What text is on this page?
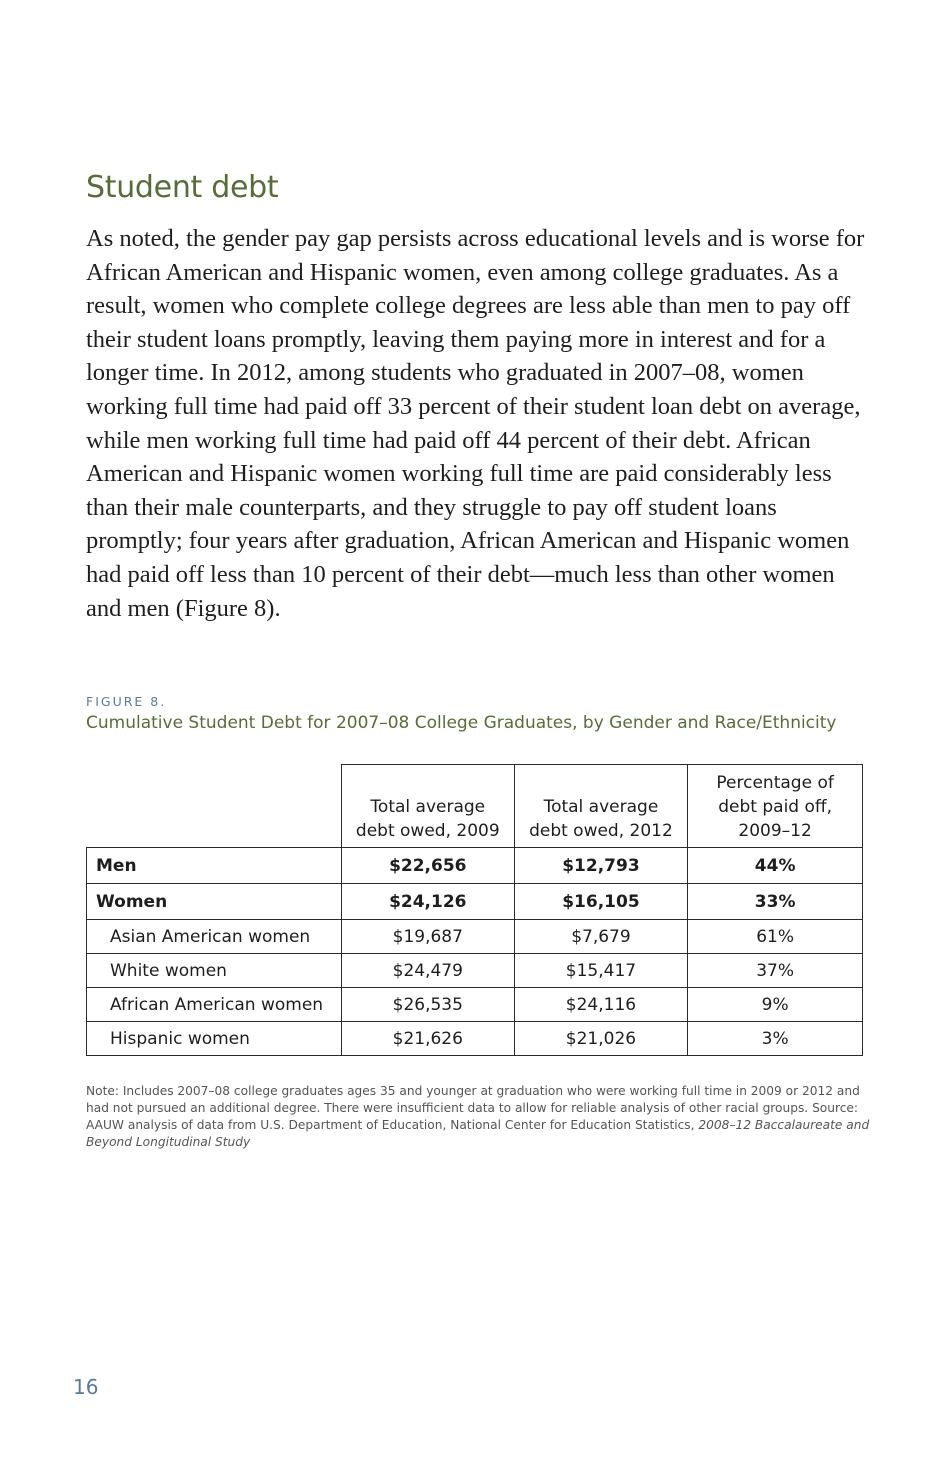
Student debt

As noted, the gender pay gap persists across educational levels and is worse for African American and Hispanic women, even among college graduates. As a result, women who complete college degrees are less able than men to pay off their student loans promptly, leaving them paying more in interest and for a longer time. In 2012, among students who graduated in 2007–08, women working full time had paid off 33 percent of their student loan debt on average, while men working full time had paid off 44 percent of their debt. African American and Hispanic women working full time are paid considerably less than their male counterparts, and they struggle to pay off student loans promptly; four years after graduation, African American and Hispanic women had paid off less than 10 percent of their debt—much less than other women and men (Figure 8).

FIGURE 8.

Cumulative Student Debt for 2007–08 College Graduates, by Gender and Race/Ethnicity

	Total average
debt owed, 2009	Total average
debt owed, 2012	Percentage of
debt paid off,
2009–12
Men	$22,656	$12,793	44%
Women	$24,126	$16,105	33%
Asian American women	$19,687	$7,679	61%
White women	$24,479	$15,417	37%
African American women	$26,535	$24,116	9%
Hispanic women	$21,626	$21,026	3%

Note: Includes 2007–08 college graduates ages 35 and younger at graduation who were working full time in 2009 or 2012 and had not pursued an additional degree. There were insufficient data to allow for reliable analysis of other racial groups. Source: AAUW analysis of data from U.S. Department of Education, National Center for Education Statistics, 2008–12 Baccalaureate and Beyond Longitudinal Study

16
